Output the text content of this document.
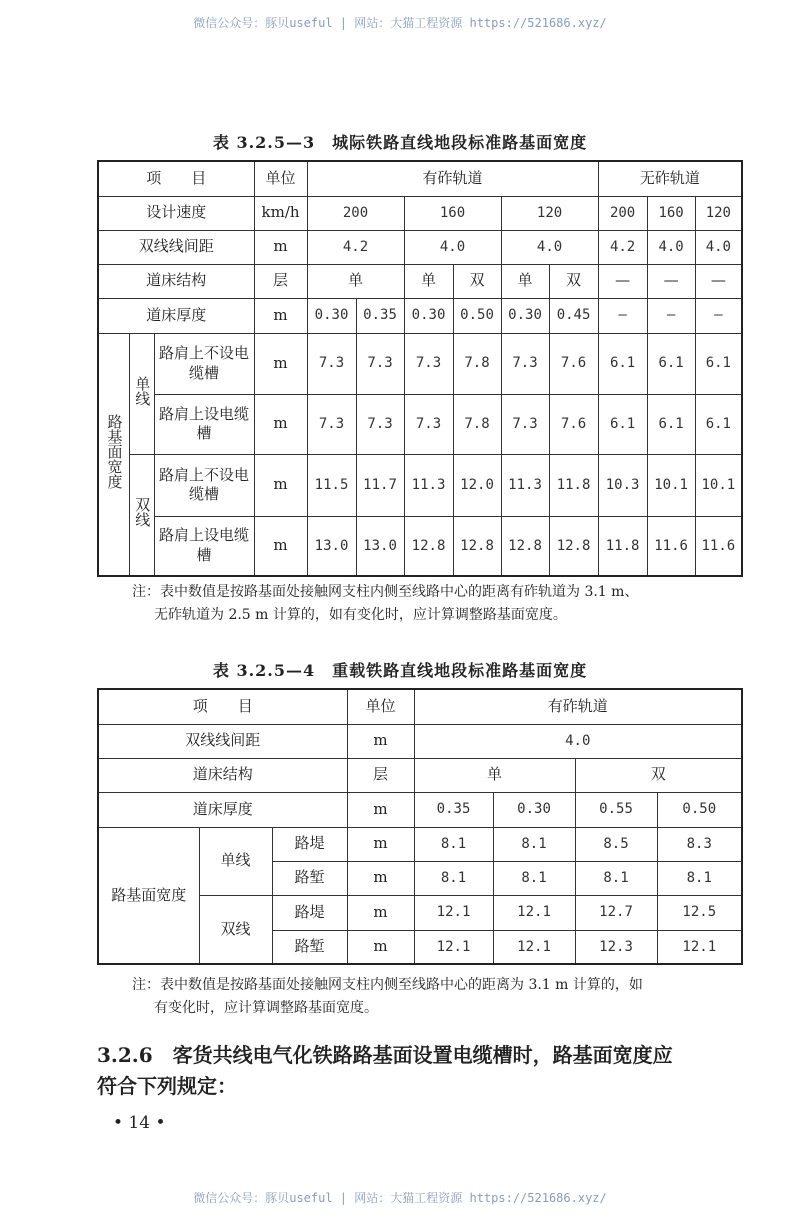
微信公众号：豚贝useful | 网站：大猫工程资源 https://521686.xyz/
表 3.2.5—3　城际铁路直线地段标准路基面宽度
项　　目			单位	有砟轨道						无砟轨道		
设计速度			km/h	200		160		120		200	160	120
双线线间距			m	4.2		4.0		4.0		4.2	4.0	4.0
道床结构			层	单		单	双	单	双	—	—	—
道床厚度			m	0.30	0.35	0.30	0.50	0.30	0.45	—	—	—
路基面宽度	单线	路肩上不设电缆槽	m	7.3	7.3	7.3	7.8	7.3	7.6	6.1	6.1	6.1
		路肩上设电缆槽	m	7.3	7.3	7.3	7.8	7.3	7.6	6.1	6.1	6.1
	双线	路肩上不设电缆槽	m	11.5	11.7	11.3	12.0	11.3	11.8	10.3	10.1	10.1
		路肩上设电缆槽	m	13.0	13.0	12.8	12.8	12.8	12.8	11.8	11.6	11.6
注：表中数值是按路基面处接触网支柱内侧至线路中心的距离有砟轨道为 3.1 m、
无砟轨道为 2.5 m 计算的，如有变化时，应计算调整路基面宽度。
表 3.2.5—4　重载铁路直线地段标准路基面宽度
项　　目			单位	有砟轨道			
双线线间距			m	4.0			
道床结构			层	单		双	
道床厚度			m	0.35	0.30	0.55	0.50
路基面宽度	单线	路堤	m	8.1	8.1	8.5	8.3
		路堑	m	8.1	8.1	8.1	8.1
	双线	路堤	m	12.1	12.1	12.7	12.5
		路堑	m	12.1	12.1	12.3	12.1
注：表中数值是按路基面处接触网支柱内侧至线路中心的距离为 3.1 m 计算的，如
有变化时，应计算调整路基面宽度。
3.2.6　客货共线电气化铁路路基面设置电缆槽时，路基面宽度应
符合下列规定：
• 14 •
微信公众号：豚贝useful | 网站：大猫工程资源 https://521686.xyz/
